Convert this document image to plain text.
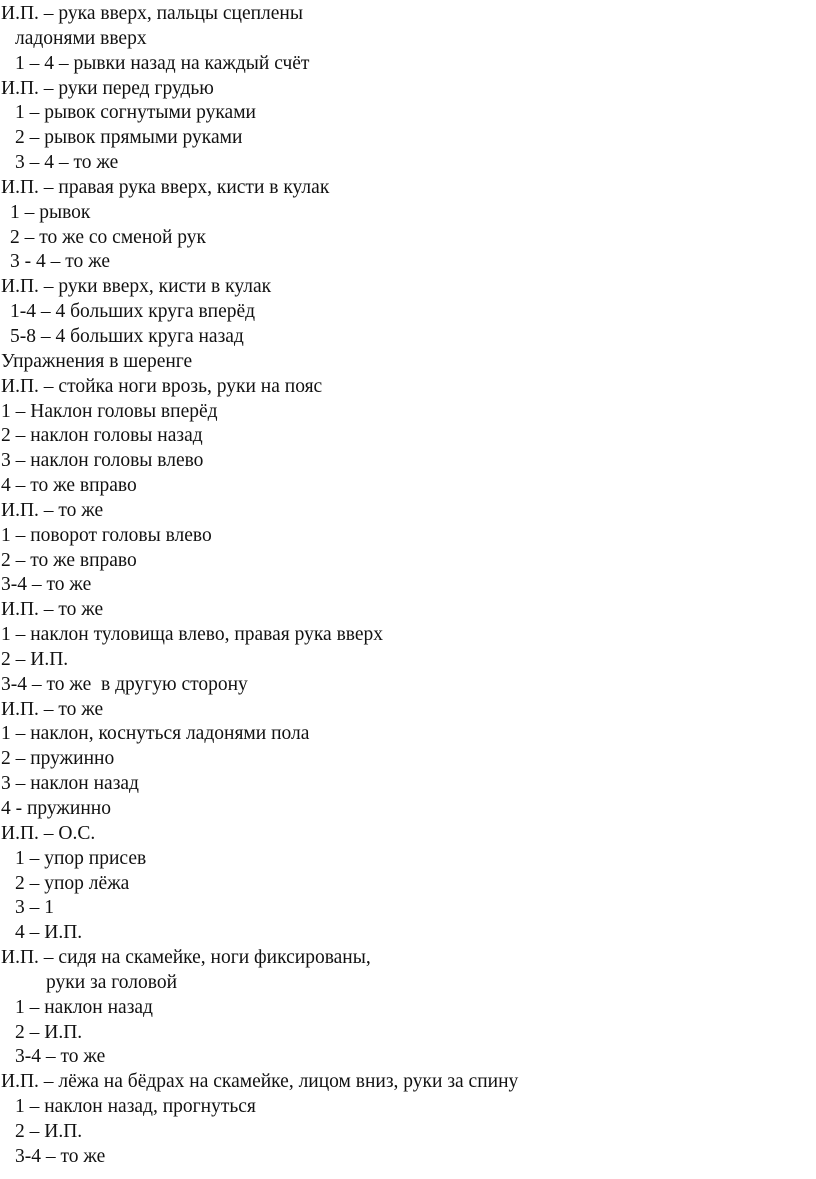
И.П. – рука вверх, пальцы сцеплены
ладонями вверх
1 – 4 – рывки назад на каждый счёт
И.П. – руки перед грудью
1 – рывок согнутыми руками
2 – рывок прямыми руками
3 – 4 – то же
И.П. – правая рука вверх, кисти в кулак
1 – рывок
2 – то же со сменой рук
3 - 4 – то же
И.П. – руки вверх, кисти в кулак
1-4 – 4 больших круга вперёд
5-8 – 4 больших круга назад
Упражнения в шеренге
И.П. – стойка ноги врозь, руки на пояс
1 – Наклон головы вперёд
2 – наклон головы назад
3 – наклон головы влево
4 – то же вправо
И.П. – то же
1 – поворот головы влево
2 – то же вправо
3-4 – то же
И.П. – то же
1 – наклон туловища влево, правая рука вверх
2 – И.П.
3-4 – то же  в другую сторону
И.П. – то же
1 – наклон, коснуться ладонями пола
2 – пружинно
3 – наклон назад
4 - пружинно
И.П. – О.С.
1 – упор присев
2 – упор лёжа
3 – 1
4 – И.П.
И.П. – сидя на скамейке, ноги фиксированы,
руки за головой
1 – наклон назад
2 – И.П.
3-4 – то же
И.П. – лёжа на бёдрах на скамейке, лицом вниз, руки за спину
1 – наклон назад, прогнуться
2 – И.П.
3-4 – то же
